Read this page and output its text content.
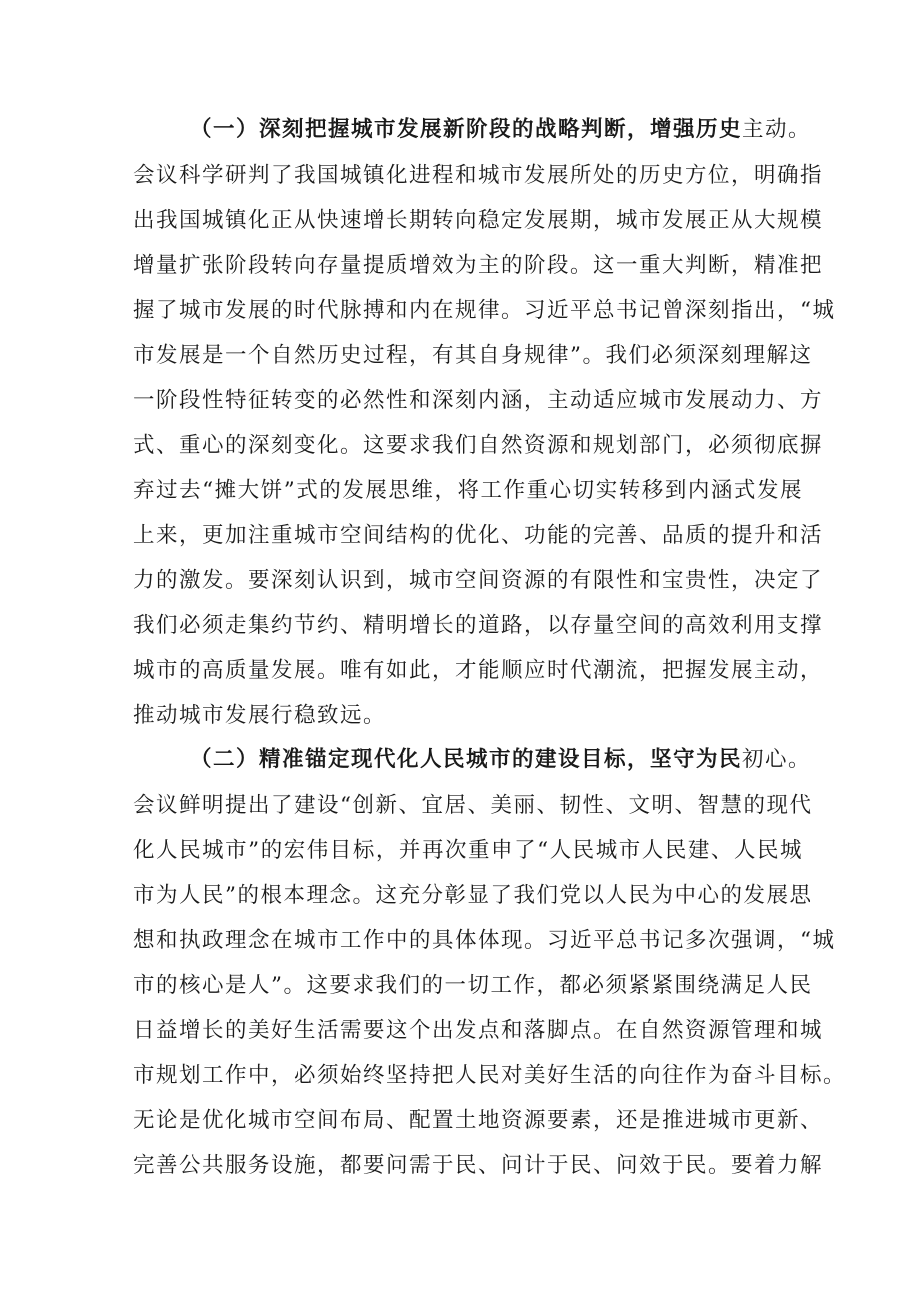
（一）深刻把握城市发展新阶段的战略判断，增强历史主动。
会议科学研判了我国城镇化进程和城市发展所处的历史方位，明确指
出我国城镇化正从快速增长期转向稳定发展期，城市发展正从大规模
增量扩张阶段转向存量提质增效为主的阶段。这一重大判断，精准把
握了城市发展的时代脉搏和内在规律。习近平总书记曾深刻指出，“城
市发展是一个自然历史过程，有其自身规律”。我们必须深刻理解这
一阶段性特征转变的必然性和深刻内涵，主动适应城市发展动力、方
式、重心的深刻变化。这要求我们自然资源和规划部门，必须彻底摒
弃过去“摊大饼”式的发展思维，将工作重心切实转移到内涵式发展
上来，更加注重城市空间结构的优化、功能的完善、品质的提升和活
力的激发。要深刻认识到，城市空间资源的有限性和宝贵性，决定了
我们必须走集约节约、精明增长的道路，以存量空间的高效利用支撑
城市的高质量发展。唯有如此，才能顺应时代潮流，把握发展主动，
推动城市发展行稳致远。
（二）精准锚定现代化人民城市的建设目标，坚守为民初心。
会议鲜明提出了建设“创新、宜居、美丽、韧性、文明、智慧的现代
化人民城市”的宏伟目标，并再次重申了“人民城市人民建、人民城
市为人民”的根本理念。这充分彰显了我们党以人民为中心的发展思
想和执政理念在城市工作中的具体体现。习近平总书记多次强调，“城
市的核心是人”。这要求我们的一切工作，都必须紧紧围绕满足人民
日益增长的美好生活需要这个出发点和落脚点。在自然资源管理和城
市规划工作中，必须始终坚持把人民对美好生活的向往作为奋斗目标。
无论是优化城市空间布局、配置土地资源要素，还是推进城市更新、
完善公共服务设施，都要问需于民、问计于民、问效于民。要着力解
